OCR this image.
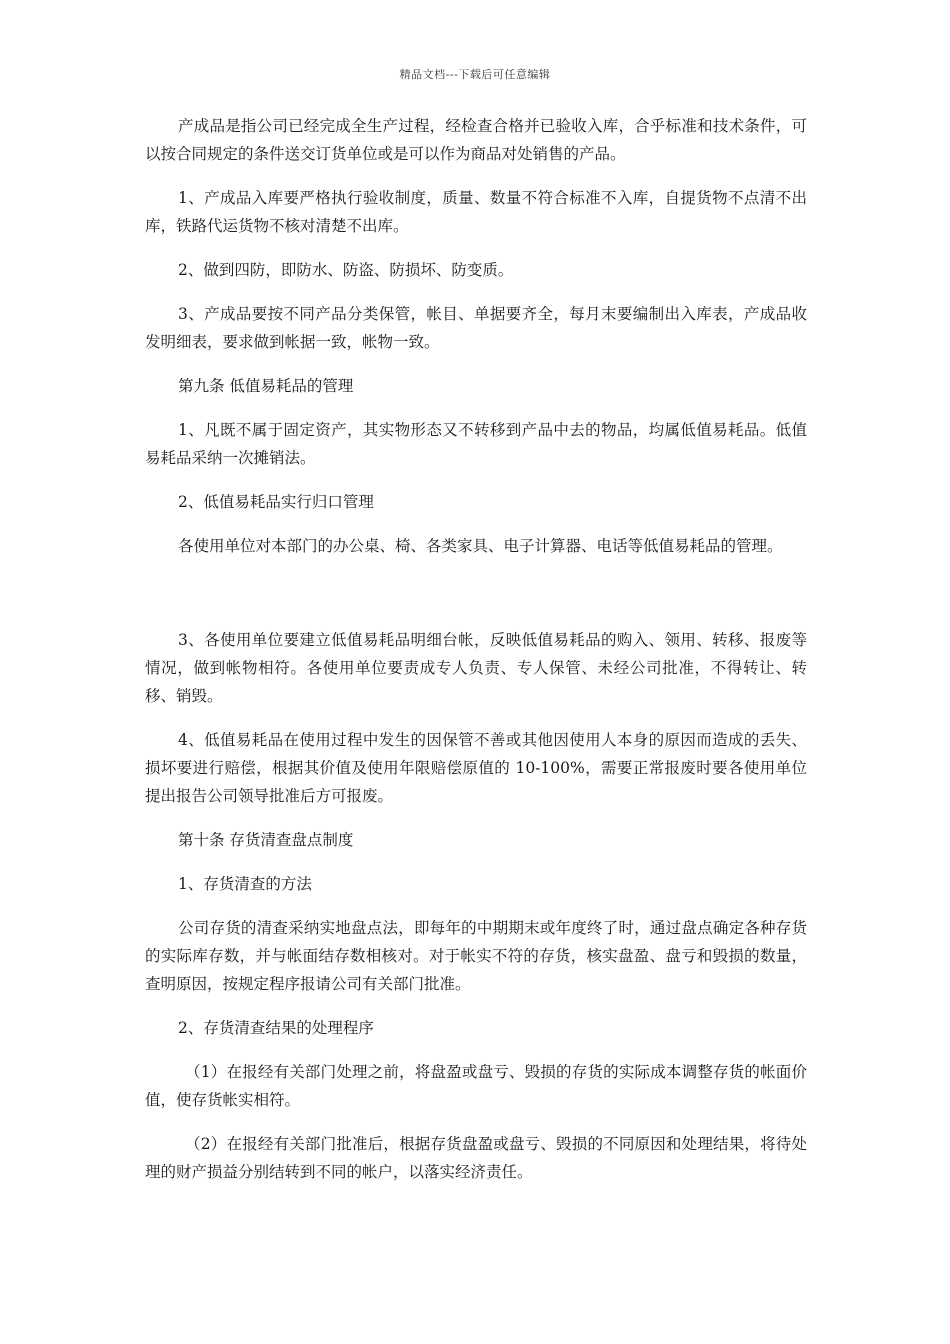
精品文档---下载后可任意编辑

产成品是指公司已经完成全生产过程，经检查合格并已验收入库，合乎标准和技术条件，可以按合同规定的条件送交订货单位或是可以作为商品对处销售的产品。

1、产成品入库要严格执行验收制度，质量、数量不符合标准不入库，自提货物不点清不出库，铁路代运货物不核对清楚不出库。

2、做到四防，即防水、防盗、防损坏、防变质。

3、产成品要按不同产品分类保管，帐目、单据要齐全，每月末要编制出入库表，产成品收发明细表，要求做到帐据一致，帐物一致。

第九条 低值易耗品的管理

1、凡既不属于固定资产，其实物形态又不转移到产品中去的物品，均属低值易耗品。低值易耗品采纳一次摊销法。

2、低值易耗品实行归口管理

各使用单位对本部门的办公桌、椅、各类家具、电子计算器、电话等低值易耗品的管理。

3、各使用单位要建立低值易耗品明细台帐，反映低值易耗品的购入、领用、转移、报废等情况，做到帐物相符。各使用单位要责成专人负责、专人保管、未经公司批准，不得转让、转移、销毁。

4、低值易耗品在使用过程中发生的因保管不善或其他因使用人本身的原因而造成的丢失、损坏要进行赔偿，根据其价值及使用年限赔偿原值的 10-100%，需要正常报废时要各使用单位提出报告公司领导批准后方可报废。

第十条 存货清查盘点制度

1、存货清查的方法

公司存货的清查采纳实地盘点法，即每年的中期期末或年度终了时，通过盘点确定各种存货的实际库存数，并与帐面结存数相核对。对于帐实不符的存货，核实盘盈、盘亏和毁损的数量，查明原因，按规定程序报请公司有关部门批准。

2、存货清查结果的处理程序

（1）在报经有关部门处理之前，将盘盈或盘亏、毁损的存货的实际成本调整存货的帐面价值，使存货帐实相符。

（2）在报经有关部门批准后，根据存货盘盈或盘亏、毁损的不同原因和处理结果，将待处理的财产损益分别结转到不同的帐户，以落实经济责任。
